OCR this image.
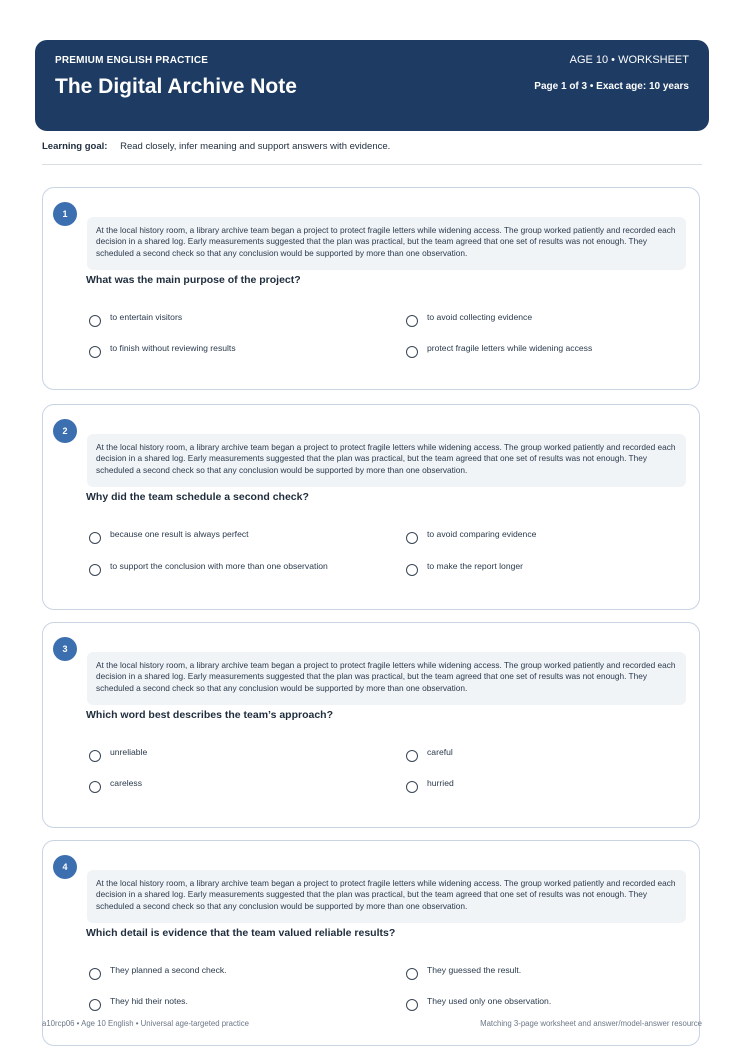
PREMIUM ENGLISH PRACTICE
The Digital Archive Note
AGE 10 • WORKSHEET
Page 1 of 3 • Exact age: 10 years
Learning goal: Read closely, infer meaning and support answers with evidence.
1
At the local history room, a library archive team began a project to protect fragile letters while widening access. The group worked patiently and recorded each decision in a shared log. Early measurements suggested that the plan was practical, but the team agreed that one set of results was not enough. They scheduled a second check so that any conclusion would be supported by more than one observation.
What was the main purpose of the project?
to entertain visitors	to avoid collecting evidence
to finish without reviewing results	protect fragile letters while widening access
2
At the local history room, a library archive team began a project to protect fragile letters while widening access. The group worked patiently and recorded each decision in a shared log. Early measurements suggested that the plan was practical, but the team agreed that one set of results was not enough. They scheduled a second check so that any conclusion would be supported by more than one observation.
Why did the team schedule a second check?
because one result is always perfect	to avoid comparing evidence
to support the conclusion with more than one observation	to make the report longer
3
At the local history room, a library archive team began a project to protect fragile letters while widening access. The group worked patiently and recorded each decision in a shared log. Early measurements suggested that the plan was practical, but the team agreed that one set of results was not enough. They scheduled a second check so that any conclusion would be supported by more than one observation.
Which word best describes the team’s approach?
unreliable	careful
careless	hurried
4
At the local history room, a library archive team began a project to protect fragile letters while widening access. The group worked patiently and recorded each decision in a shared log. Early measurements suggested that the plan was practical, but the team agreed that one set of results was not enough. They scheduled a second check so that any conclusion would be supported by more than one observation.
Which detail is evidence that the team valued reliable results?
They planned a second check.	They guessed the result.
They hid their notes.	They used only one observation.
a10rcp06 • Age 10 English • Universal age-targeted practice	Matching 3-page worksheet and answer/model-answer resource
